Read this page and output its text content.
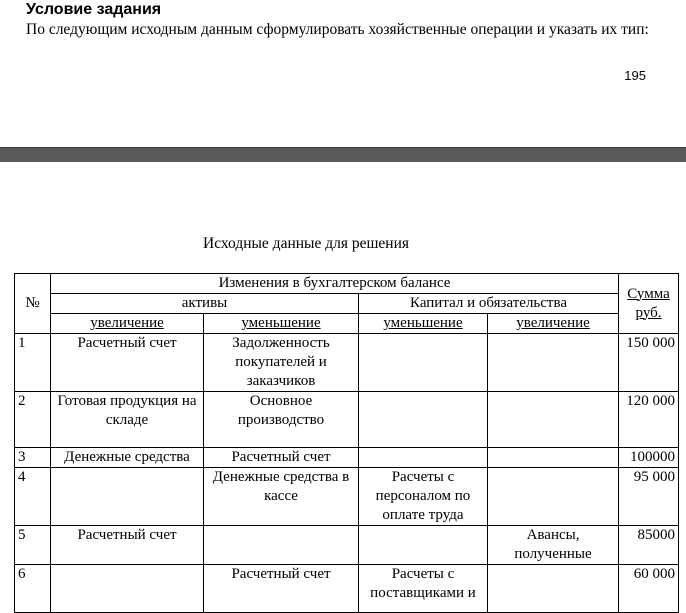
Условие задания

По следующим исходным данным сформулировать хозяйственные операции и указать их тип:

195
Исходные данные для решения
№	Изменения в бухгалтерском балансе				Сумма руб.
	активы		Капитал и обязательства		
	увеличение	уменьшение	уменьшение	увеличение	
1	Расчетный счет	Задолженность покупателей и заказчиков			150 000
2	Готовая продукция на складе	Основное производство			120 000
3	Денежные средства	Расчетный счет			100000
4		Денежные средства в кассе	Расчеты с персоналом по оплате труда		95 000
5	Расчетный счет			Авансы, полученные	85000
6		Расчетный счет	Расчеты с поставщиками и		60 000
